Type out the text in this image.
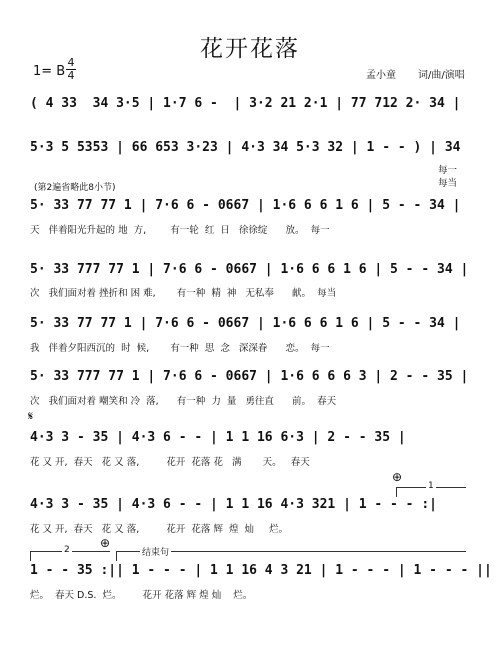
花开花落
1= B
4
4	孟小童 词/曲/演唱
( 4 33  34 3·5 | 1·7 6 -  | 3·2 21 2·1 | 77 712 2· 34 |
5·3 5 5353 | 66 653 3·23 | 4·3 34 5·3 32 | 1 - - ) | 34
每一
每当
(第2遍省略此8小节)
5· 33 77 77 1 | 7·6 6 - 0667 | 1·6 6 6 1 6 | 5 - - 34 |
天   伴着阳光升起的 地  方,        有一轮  红  日   徐徐绽      放。  每一
5· 33 777 77 1 | 7·6 6 - 0667 | 1·6 6 6 1 6 | 5 - - 34 |
次   我们面对着 挫折和 困 难,       有一种  精  神   无私奉      献。  每当
5· 33 77 77 1 | 7·6 6 - 0667 | 1·6 6 6 1 6 | 5 - - 34 |
我   伴着夕阳西沉的  时  候,       有一种  思  念   深深眷      恋。  每一
5· 33 777 77 1 | 7·6 6 - 0667 | 1·6 6 6 6 3 | 2 - - 35 |
次   我们面对着 嘲笑和 冷  落,      有一种  力  量   勇往直      前。  春天
𝄋
4·3 3 - 35 | 4·3 6 - - | 1 1 16 6·3 | 2 - - 35 |
花 又 开,  春天   花 又 落,         花开  花落 花   满       天。   春天
⊕
1
4·3 3 - 35 | 4·3 6 - - | 1 1 16 4·3 321 | 1 - - - :|
花 又 开,  春天   花 又 落,         花开  花落 辉  煌  灿     烂。
2	⊕
结束句
1 - - 35 :|| 1 - - - | 1 1 16 4 3 21 | 1 - - - | 1 - - - ||
烂。  春天 D.S.  烂。       花开 花落 辉 煌 灿    烂。
